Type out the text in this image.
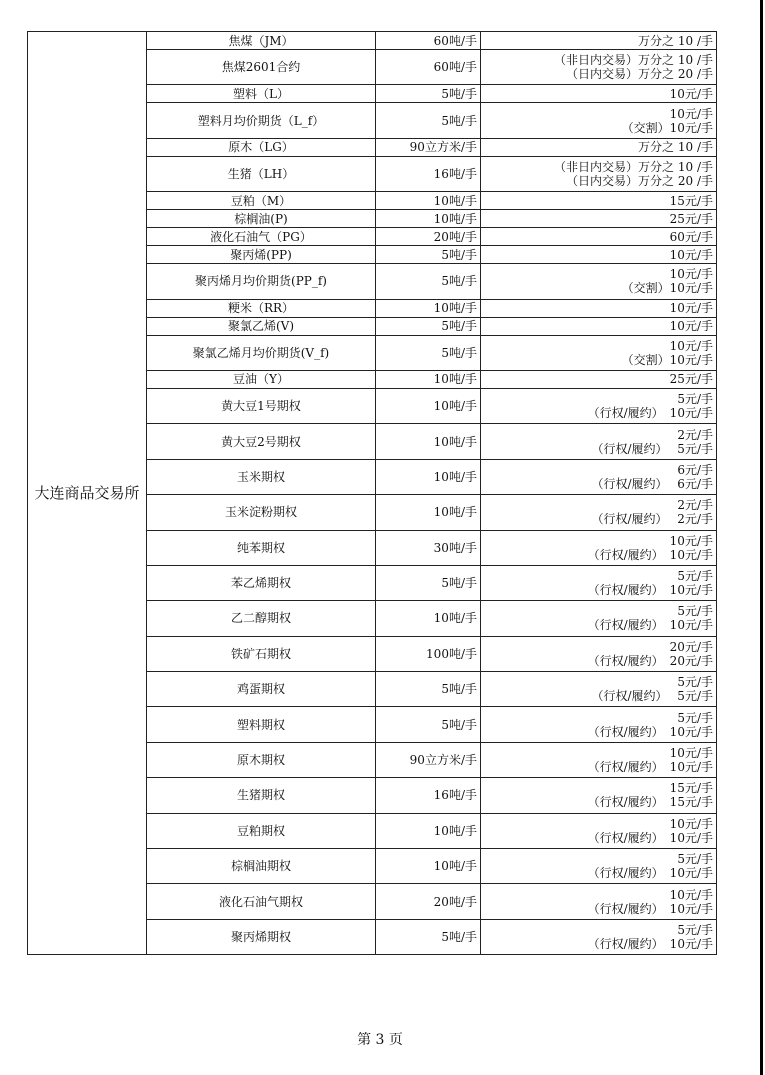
大连商品交易所	焦煤（JM）	60吨/手	万分之 10 /手

	焦煤2601合约	60吨/手	（非日内交易）万分之 10 /手
（日内交易）万分之 20 /手

	塑料（L）	5吨/手	10元/手

	塑料月均价期货（L_f）	5吨/手	10元/手
（交割）10元/手

	原木（LG）	90立方米/手	万分之 10 /手

	生猪（LH）	16吨/手	（非日内交易）万分之 10 /手
（日内交易）万分之 20 /手

	豆粕（M）	10吨/手	15元/手

	棕榈油(P)	10吨/手	25元/手

	液化石油气（PG）	20吨/手	60元/手

	聚丙烯(PP)	5吨/手	10元/手

	聚丙烯月均价期货(PP_f)	5吨/手	10元/手
（交割）10元/手

	粳米（RR）	10吨/手	10元/手

	聚氯乙烯(V)	5吨/手	10元/手

	聚氯乙烯月均价期货(V_f)	5吨/手	10元/手
（交割）10元/手

	豆油（Y）	10吨/手	25元/手

	黄大豆1号期权	10吨/手	5元/手
（行权/履约）　10元/手

	黄大豆2号期权	10吨/手	2元/手
（行权/履约）　 5元/手

	玉米期权	10吨/手	6元/手
（行权/履约）　 6元/手

	玉米淀粉期权	10吨/手	2元/手
（行权/履约）　 2元/手

	纯苯期权	30吨/手	10元/手
（行权/履约）　10元/手

	苯乙烯期权	5吨/手	5元/手
（行权/履约）　10元/手

	乙二醇期权	10吨/手	5元/手
（行权/履约）　10元/手

	铁矿石期权	100吨/手	20元/手
（行权/履约）　20元/手

	鸡蛋期权	5吨/手	5元/手
（行权/履约）　 5元/手

	塑料期权	5吨/手	5元/手
（行权/履约）　10元/手

	原木期权	90立方米/手	10元/手
（行权/履约）　10元/手

	生猪期权	16吨/手	15元/手
（行权/履约）　15元/手

	豆粕期权	10吨/手	10元/手
（行权/履约）　10元/手

	棕榈油期权	10吨/手	5元/手
（行权/履约）　10元/手

	液化石油气期权	20吨/手	10元/手
（行权/履约）　10元/手

	聚丙烯期权	5吨/手	5元/手
（行权/履约）　10元/手
第 3 页
